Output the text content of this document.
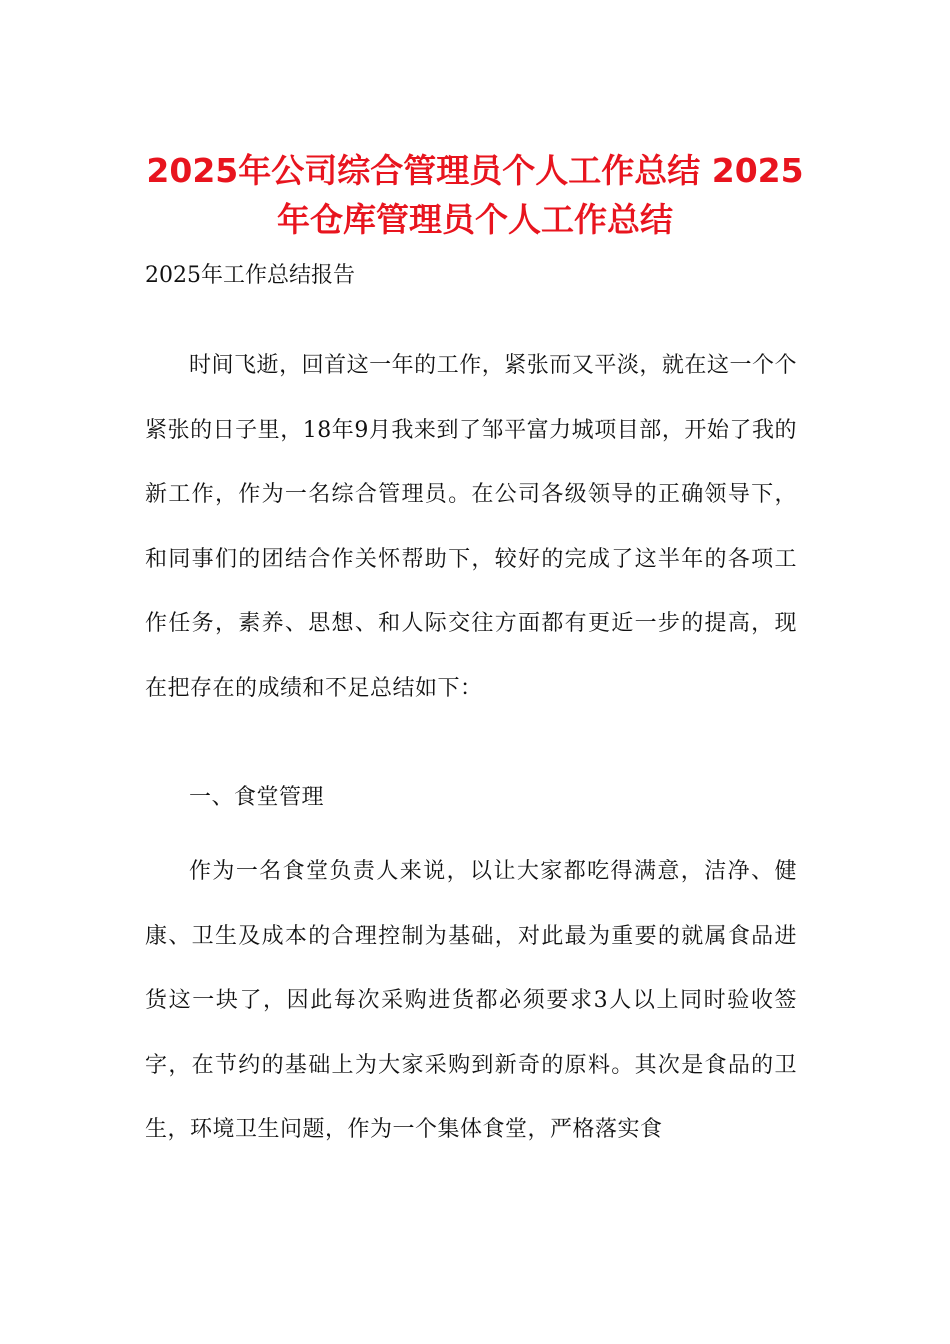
2025年公司综合管理员个人工作总结 2025年仓库管理员个人工作总结
2025年工作总结报告
时间飞逝，回首这一年的工作，紧张而又平淡，就在这一个个紧张的日子里，18年9月我来到了邹平富力城项目部，开始了我的新工作，作为一名综合管理员。在公司各级领导的正确领导下，和同事们的团结合作关怀帮助下，较好的完成了这半年的各项工作任务，素养、思想、和人际交往方面都有更近一步的提高，现在把存在的成绩和不足总结如下：
一、食堂管理
作为一名食堂负责人来说，以让大家都吃得满意，洁净、健康、卫生及成本的合理控制为基础，对此最为重要的就属食品进货这一块了，因此每次采购进货都必须要求3人以上同时验收签字，在节约的基础上为大家采购到新奇的原料。其次是食品的卫生，环境卫生问题，作为一个集体食堂，严格落实食
